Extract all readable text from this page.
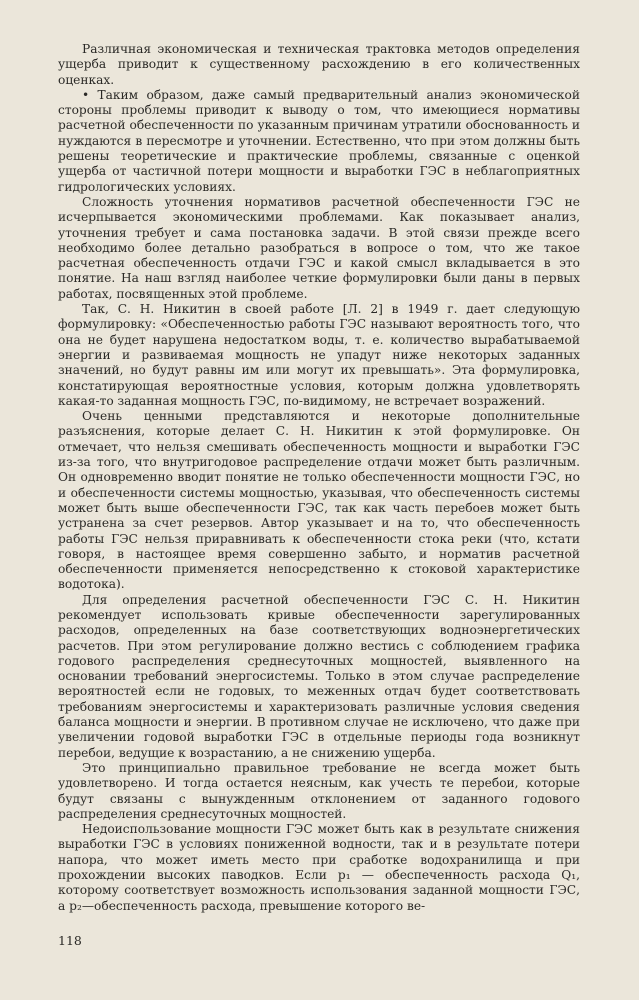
Различная экономическая и техническая трактовка методов определения ущерба приводит к существенному расхождению в его количественных оценках.

• Таким образом, даже самый предварительный анализ экономической стороны проблемы приводит к выводу о том, что имеющиеся нормативы расчетной обеспеченности по указанным причинам утратили обоснованность и нуждаются в пересмотре и уточнении. Естественно, что при этом должны быть решены теоретические и практические проблемы, связанные с оценкой ущерба от частичной потери мощности и выработки ГЭС в неблагоприятных гидрологических условиях.

Сложность уточнения нормативов расчетной обеспеченности ГЭС не исчерпывается экономическими проблемами. Как показывает анализ, уточнения требует и сама постановка задачи. В этой связи прежде всего необходимо более детально разобраться в вопросе о том, что же такое расчетная обеспеченность отдачи ГЭС и какой смысл вкладывается в это понятие. На наш взгляд наиболее четкие формулировки были даны в первых работах, посвященных этой проблеме.

Так, С. Н. Никитин в своей работе [Л. 2] в 1949 г. дает следующую формулировку: «Обеспеченностью работы ГЭС называют вероятность того, что она не будет нарушена недостатком воды, т. е. количество вырабатываемой энергии и развиваемая мощность не упадут ниже некоторых заданных значений, но будут равны им или могут их превышать». Эта формулировка, констатирующая вероятностные условия, которым должна удовлетворять какая-то заданная мощность ГЭС, по-видимому, не встречает возражений.

Очень ценными представляются и некоторые дополнительные разъяснения, которые делает С. Н. Никитин к этой формулировке. Он отмечает, что нельзя смешивать обеспеченность мощности и выработки ГЭС из-за того, что внутригодовое распределение отдачи может быть различным. Он одновременно вводит понятие не только обеспеченности мощности ГЭС, но и обеспеченности системы мощностью, указывая, что обеспеченность системы может быть выше обеспеченности ГЭС, так как часть перебоев может быть устранена за счет резервов. Автор указывает и на то, что обеспеченность работы ГЭС нельзя приравнивать к обеспеченности стока реки (что, кстати говоря, в настоящее время совершенно забыто, и норматив расчетной обеспеченности применяется непосредственно к стоковой характеристике водотока).

Для определения расчетной обеспеченности ГЭС С. Н. Никитин рекомендует использовать кривые обеспеченности зарегулированных расходов, определенных на базе соответствующих водноэнергетических расчетов. При этом регулирование должно вестись с соблюдением графика годового распределения среднесуточных мощностей, выявленного на основании требований энергосистемы. Только в этом случае распределение вероятностей если не годовых, то меженных отдач будет соответствовать требованиям энергосистемы и характеризовать различные условия сведения баланса мощности и энергии. В противном случае не исключено, что даже при увеличении годовой выработки ГЭС в отдельные периоды года возникнут перебои, ведущие к возрастанию, а не снижению ущерба.

Это принципиально правильное требование не всегда может быть удовлетворено. И тогда остается неясным, как учесть те перебои, которые будут связаны с вынужденным отклонением от заданного годового распределения среднесуточных мощностей.

Недоиспользование мощности ГЭС может быть как в результате снижения выработки ГЭС в условиях пониженной водности, так и в результате потери напора, что может иметь место при сработке водохранилища и при прохождении высоких паводков. Если p₁ — обеспеченность расхода Q₁, которому соответствует возможность использования заданной мощности ГЭС, а p₂—обеспеченность расхода, превышение которого ве-

118
